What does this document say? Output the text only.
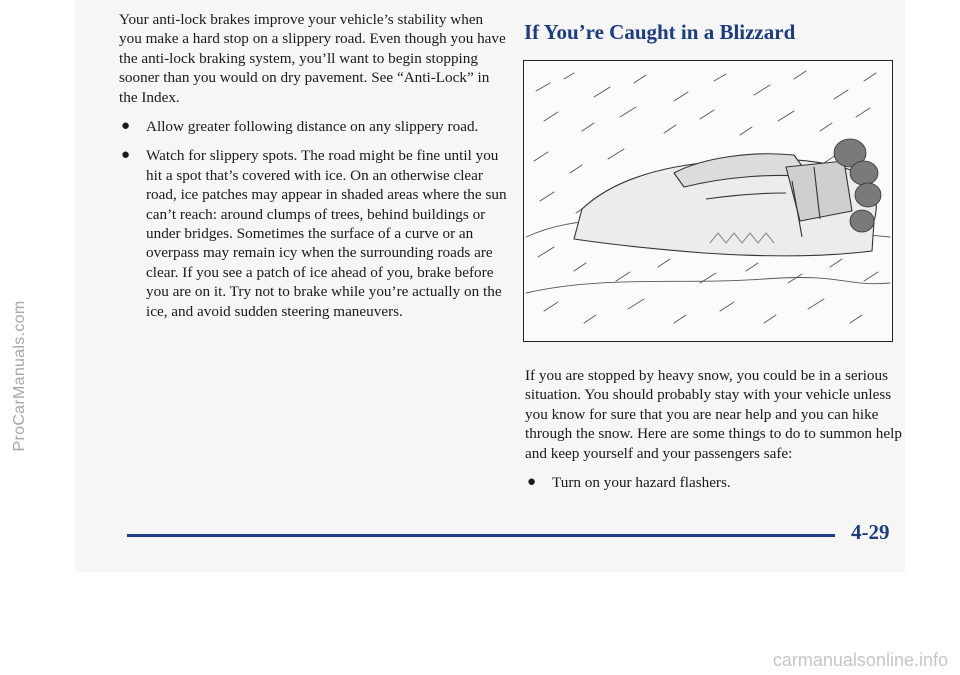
ProCarManuals.com

Your anti-lock brakes improve your vehicle’s stability when you make a hard stop on a slippery road. Even though you have the anti-lock braking system, you’ll want to begin stopping sooner than you would on dry pavement. See “Anti-Lock” in the Index.

● Allow greater following distance on any slippery road.
● Watch for slippery spots. The road might be fine until you hit a spot that’s covered with ice. On an otherwise clear road, ice patches may appear in shaded areas where the sun can’t reach: around clumps of trees, behind buildings or under bridges. Sometimes the surface of a curve or an overpass may remain icy when the surrounding roads are clear. If you see a patch of ice ahead of you, brake before you are on it. Try not to brake while you’re actually on the ice, and avoid sudden steering maneuvers.
If You’re Caught in a Blizzard

If you are stopped by heavy snow, you could be in a serious situation. You should probably stay with your vehicle unless you know for sure that you are near help and you can hike through the snow. Here are some things to do to summon help and keep yourself and your passengers safe:

● Turn on your hazard flashers.
4-29
carmanualsonline.info
